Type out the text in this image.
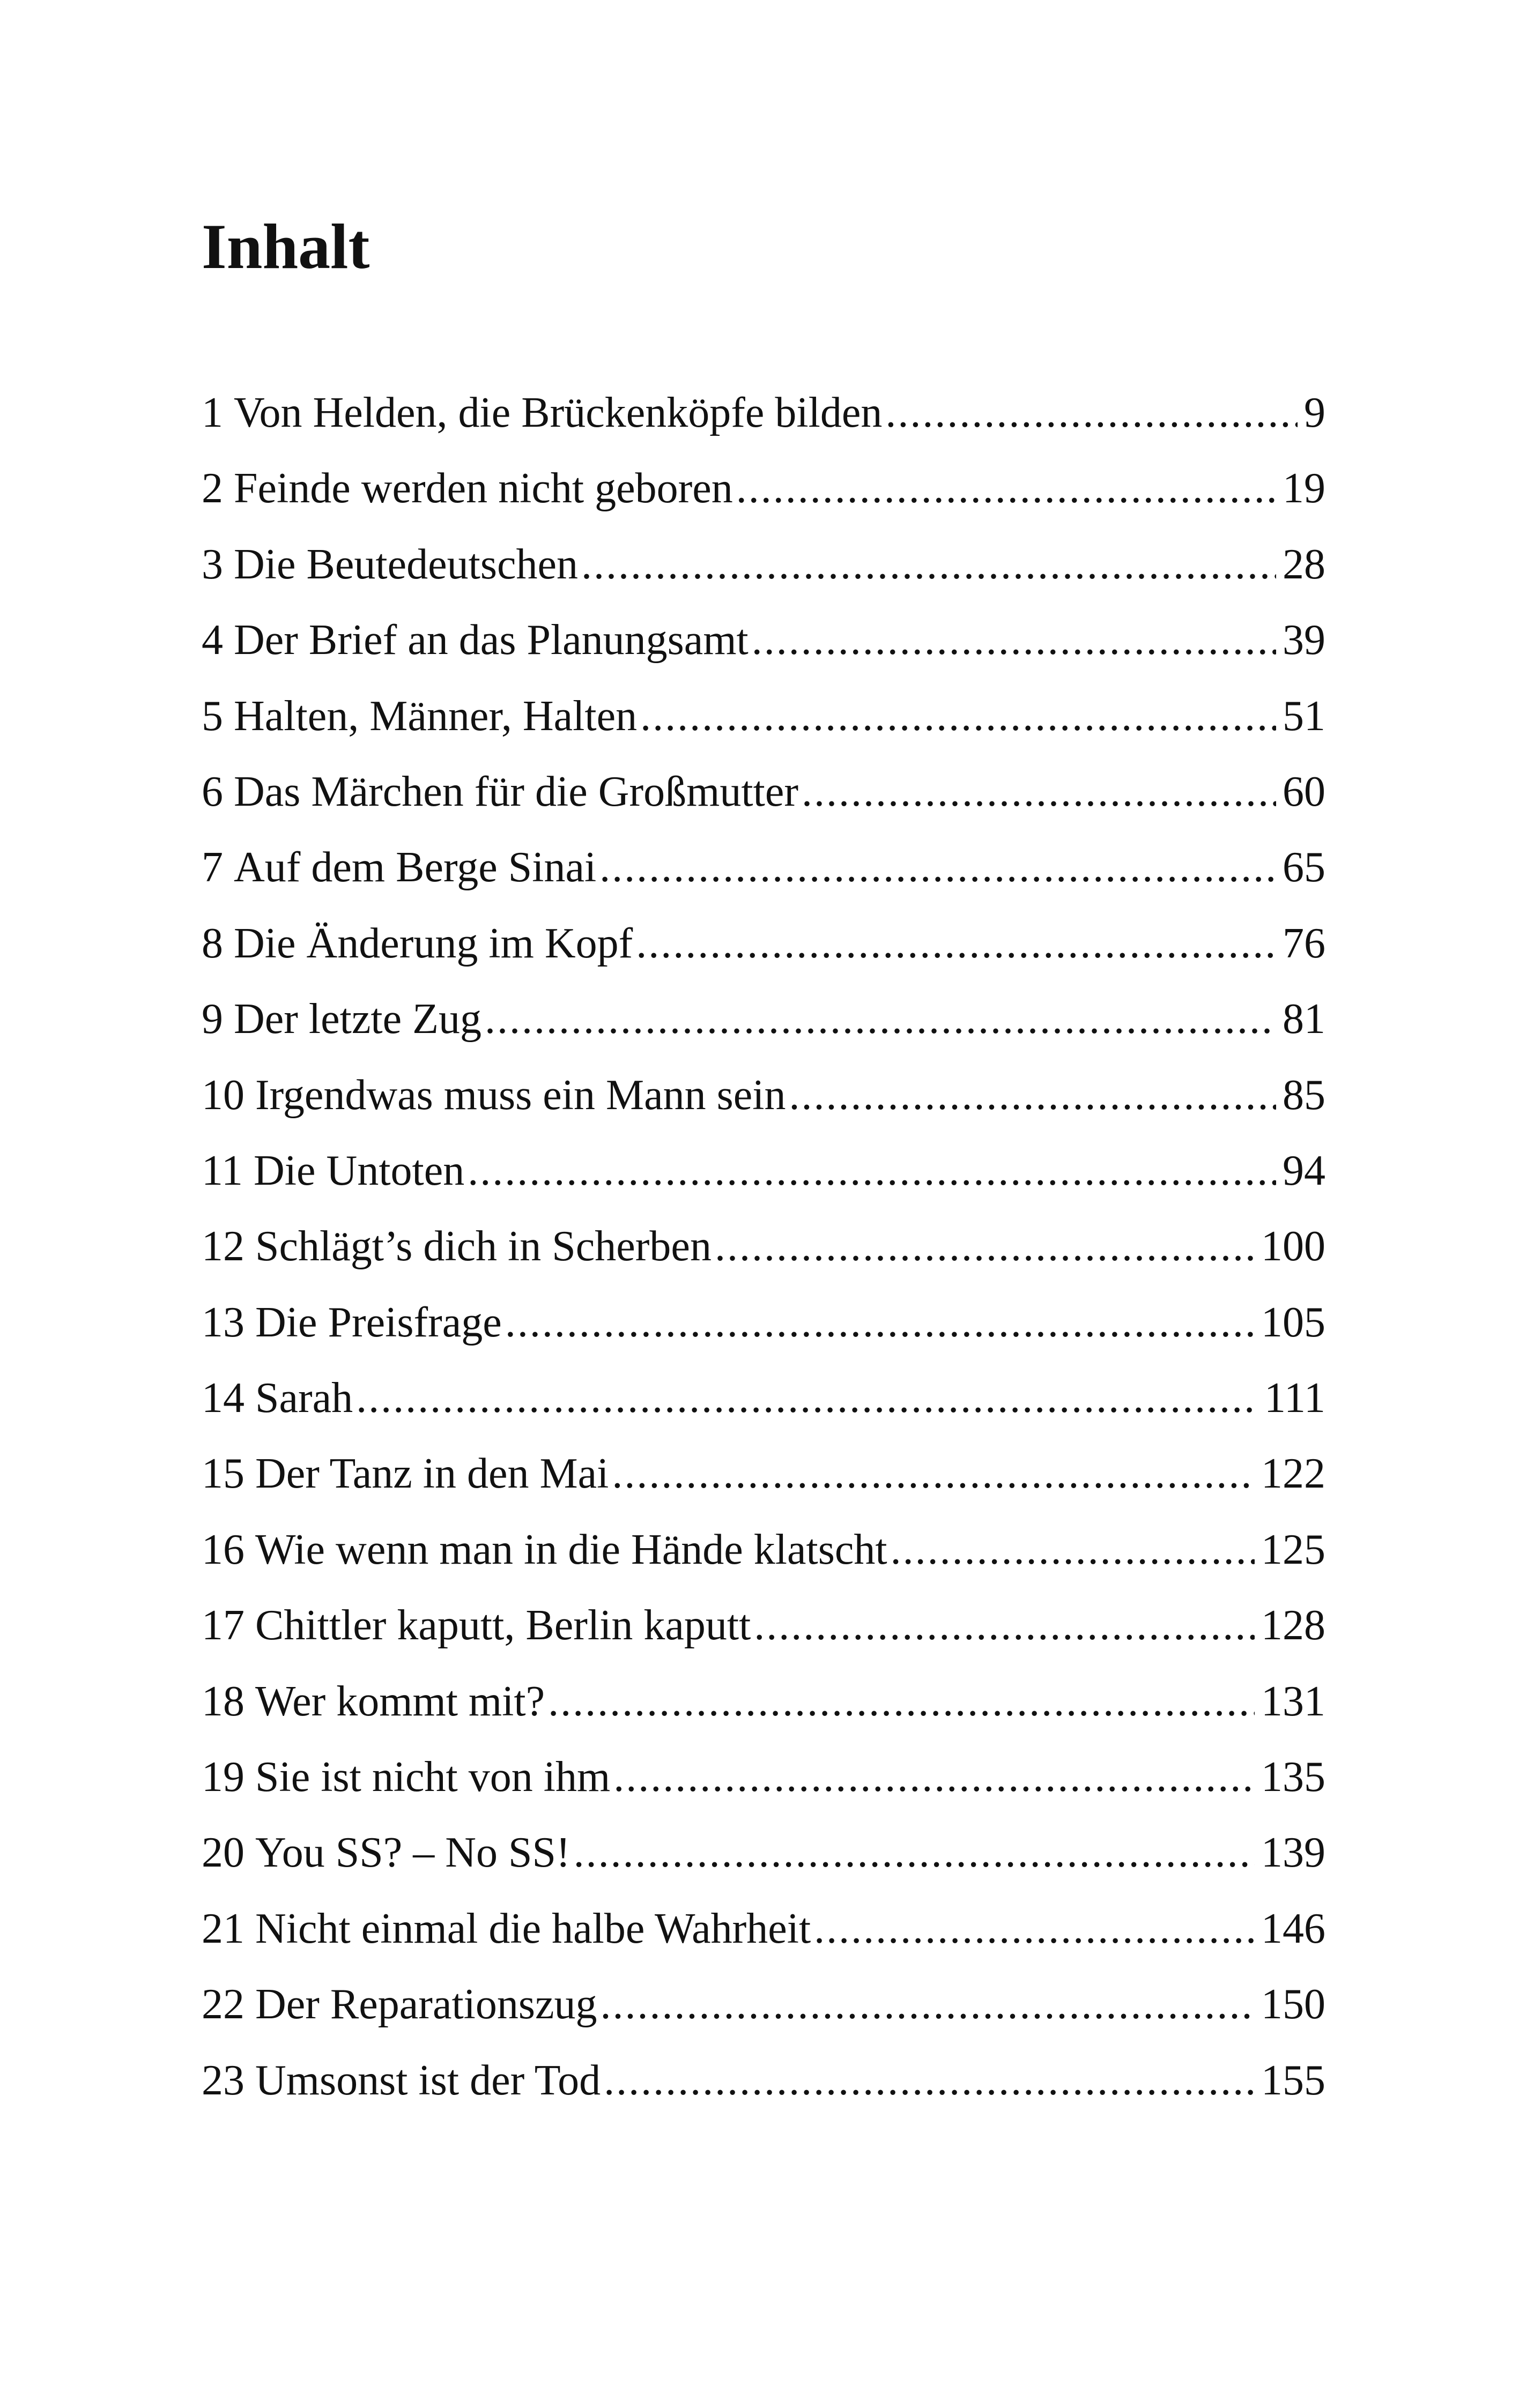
Inhalt
1 Von Helden, die Brückenköpfe bilden .....	9
2 Feinde werden nicht geboren .....	19
3 Die Beutedeutschen .....	28
4 Der Brief an das Planungsamt .....	39
5 Halten, Männer, Halten .....	51
6 Das Märchen für die Großmutter .....	60
7 Auf dem Berge Sinai .....	65
8 Die Änderung im Kopf .....	76
9 Der letzte Zug .....	81
10 Irgendwas muss ein Mann sein .....	85
11 Die Untoten .....	94
12 Schlägt’s dich in Scherben .....	100
13 Die Preisfrage .....	105
14 Sarah .....	111
15 Der Tanz in den Mai .....	122
16 Wie wenn man in die Hände klatscht .....	125
17 Chittler kaputt, Berlin kaputt .....	128
18 Wer kommt mit? .....	131
19 Sie ist nicht von ihm .....	135
20 You SS? – No SS! .....	139
21 Nicht einmal die halbe Wahrheit .....	146
22 Der Reparationszug .....	150
23 Umsonst ist der Tod .....	155
